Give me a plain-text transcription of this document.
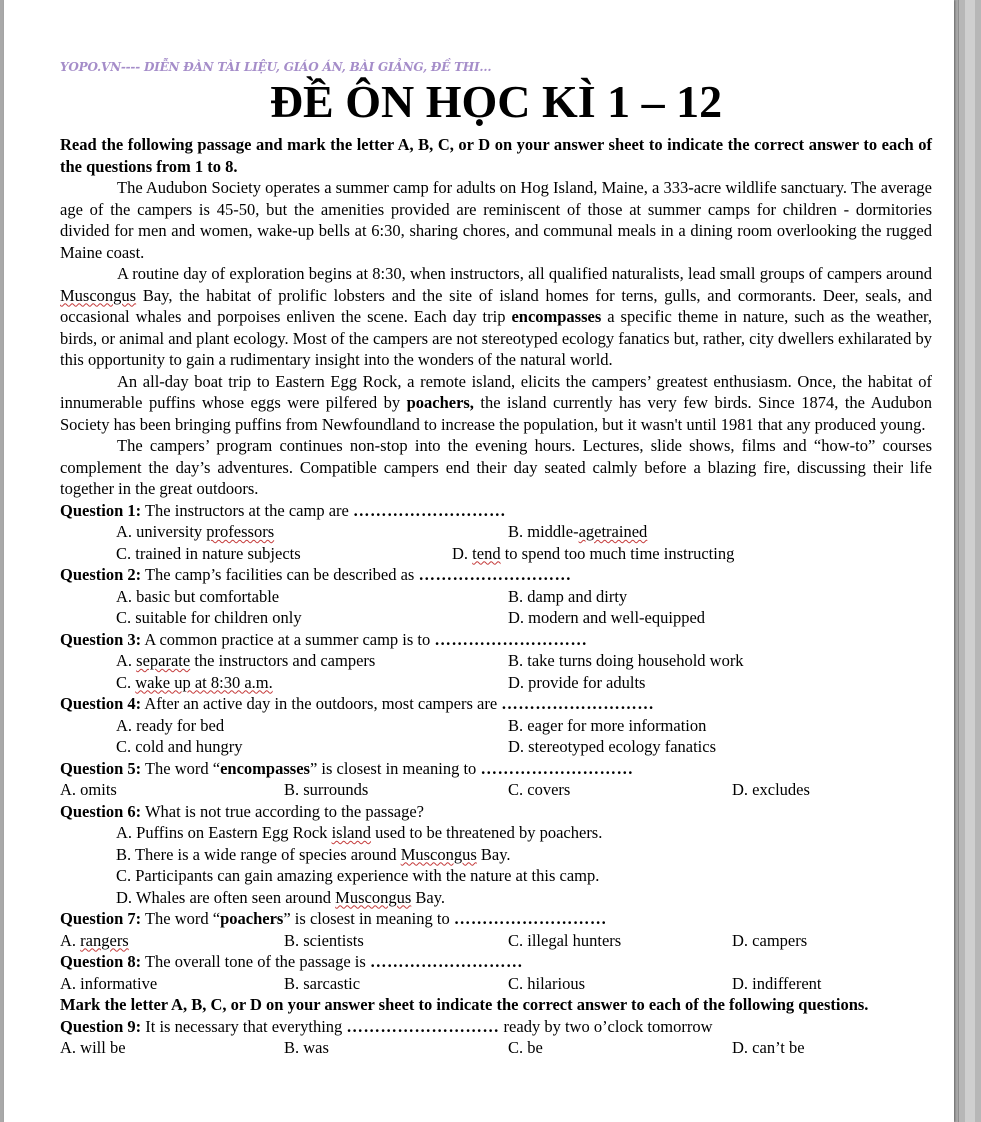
YOPO.VN---- DIỄN ĐÀN TÀI LIỆU, GIÁO ÁN, BÀI GIẢNG, ĐỀ THI...
ĐỀ ÔN HỌC KÌ 1 – 12
Read the following passage and mark the letter A, B, C, or D on your answer sheet to indicate the correct answer to each of the questions from 1 to 8.
The Audubon Society operates a summer camp for adults on Hog Island, Maine, a 333-acre wildlife sanctuary. The average age of the campers is 45-50, but the amenities provided are reminiscent of those at summer camps for children - dormitories divided for men and women, wake-up bells at 6:30, sharing chores, and communal meals in a dining room overlooking the rugged Maine coast.
A routine day of exploration begins at 8:30, when instructors, all qualified naturalists, lead small groups of campers around Muscongus Bay, the habitat of prolific lobsters and the site of island homes for terns, gulls, and cormorants. Deer, seals, and occasional whales and porpoises enliven the scene. Each day trip encompasses a specific theme in nature, such as the weather, birds, or animal and plant ecology. Most of the campers are not stereotyped ecology fanatics but, rather, city dwellers exhilarated by this opportunity to gain a rudimentary insight into the wonders of the natural world.
An all-day boat trip to Eastern Egg Rock, a remote island, elicits the campers’ greatest enthusiasm. Once, the habitat of innumerable puffins whose eggs were pilfered by poachers, the island currently has very few birds. Since 1874, the Audubon Society has been bringing puffins from Newfoundland to increase the population, but it wasn't until 1981 that any produced young.
The campers’ program continues non-stop into the evening hours. Lectures, slide shows, films and “how-to” courses complement the day’s adventures. Compatible campers end their day seated calmly before a blazing fire, discussing their life together in the great outdoors.
Question 1: The instructors at the camp are ………………………
A. university professors	B. middle-agetrained
C. trained in nature subjects	D. tend to spend too much time instructing
Question 2: The camp’s facilities can be described as ………………………
A. basic but comfortable	B. damp and dirty
C. suitable for children only	D. modern and well-equipped
Question 3: A common practice at a summer camp is to ………………………
A. separate the instructors and campers	B. take turns doing household work
C. wake up at 8:30 a.m.	D. provide for adults
Question 4: After an active day in the outdoors, most campers are ………………………
A. ready for bed	B. eager for more information
C. cold and hungry	D. stereotyped ecology fanatics
Question 5: The word “encompasses” is closest in meaning to ………………………
A. omits	B. surrounds	C. covers	D. excludes
Question 6: What is not true according to the passage?
A. Puffins on Eastern Egg Rock island used to be threatened by poachers.
B. There is a wide range of species around Muscongus Bay.
C. Participants can gain amazing experience with the nature at this camp.
D. Whales are often seen around Muscongus Bay.
Question 7: The word “poachers” is closest in meaning to ………………………
A. rangers	B. scientists	C. illegal hunters	D. campers
Question 8: The overall tone of the passage is ………………………
A. informative	B. sarcastic	C. hilarious	D. indifferent
Mark the letter A, B, C, or D on your answer sheet to indicate the correct answer to each of the following questions.
Question 9: It is necessary that everything ……………………… ready by two o’clock tomorrow
A. will be	B. was	C. be	D. can’t be
